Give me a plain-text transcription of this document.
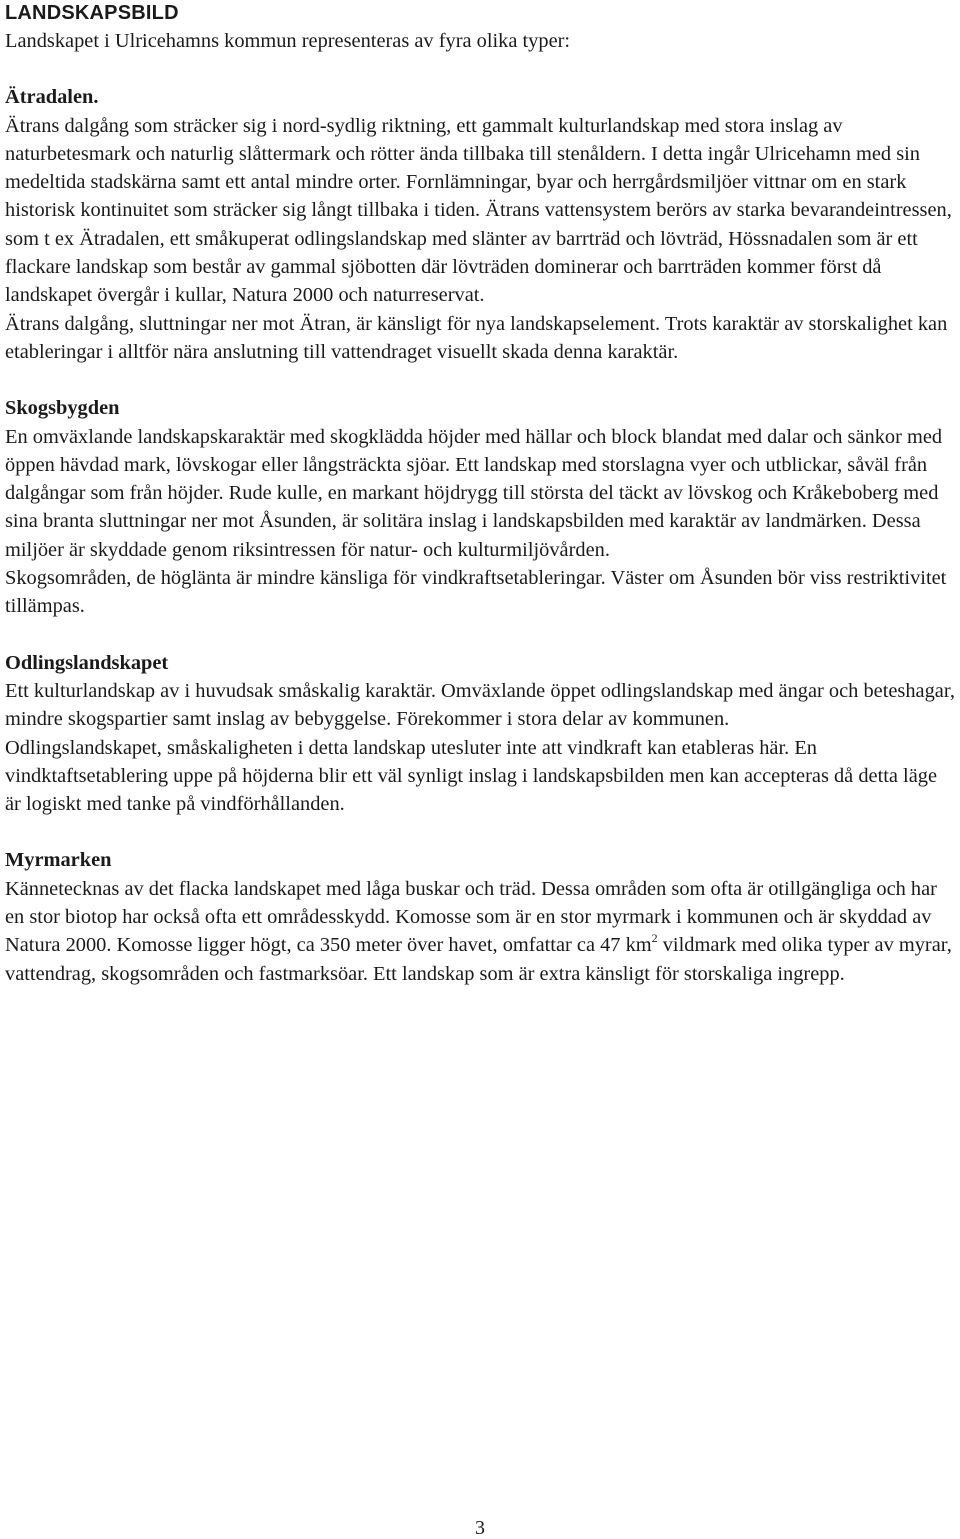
LANDSKAPSBILD

Landskapet i Ulricehamns kommun representeras av fyra olika typer:

Ätradalen.
Ätrans dalgång som sträcker sig i nord-sydlig riktning, ett gammalt kulturlandskap med stora inslag av naturbetesmark och naturlig slåttermark och rötter ända tillbaka till stenåldern. I detta ingår Ulricehamn med sin medeltida stadskärna samt ett antal mindre orter. Fornlämningar, byar och herrgårdsmiljöer vittnar om en stark historisk kontinuitet som sträcker sig långt tillbaka i tiden. Ätrans vattensystem berörs av starka bevarandeintressen, som t ex Ätradalen, ett småkuperat odlingslandskap med slänter av barrträd och lövträd, Hössnadalen som är ett flackare landskap som består av gammal sjöbotten där lövträden dominerar och barrträden kommer först då landskapet övergår i kullar, Natura 2000 och naturreservat.
Ätrans dalgång, sluttningar ner mot Ätran, är känsligt för nya landskapselement. Trots karaktär av storskalighet kan etableringar i alltför nära anslutning till vattendraget visuellt skada denna karaktär.
Skogsbygden
En omväxlande landskapskaraktär med skogklädda höjder med hällar och block blandat med dalar och sänkor med öppen hävdad mark, lövskogar eller långsträckta sjöar. Ett landskap med storslagna vyer och utblickar, såväl från dalgångar som från höjder. Rude kulle, en markant höjdrygg till största del täckt av lövskog och Kråkeboberg med sina branta sluttningar ner mot Åsunden, är solitära inslag i landskapsbilden med karaktär av landmärken. Dessa miljöer är skyddade genom riksintressen för natur- och kulturmiljövården.
Skogsområden, de högläntа är mindre känsliga för vindkraftsetableringar. Väster om Åsunden bör viss restriktivitet tillämpas.
Odlingslandskapet
Ett kulturlandskap av i huvudsak småskalig karaktär. Omväxlande öppet odlingslandskap med ängar och beteshagar, mindre skogspartier samt inslag av bebyggelse. Förekommer i stora delar av kommunen.
Odlingslandskapet, småskaligheten i detta landskap utesluter inte att vindkraft kan etableras här. En vindktaftsetablering uppe på höjderna blir ett väl synligt inslag i landskapsbilden men kan accepteras då detta läge är logiskt med tanke på vindförhållanden.
Myrmarken
Kännetecknas av det flacka landskapet med låga buskar och träd. Dessa områden som ofta är otillgängliga och har en stor biotop har också ofta ett områdesskydd. Komosse som är en stor myrmark i kommunen och är skyddad av Natura 2000. Komosse ligger högt, ca 350 meter över havet, omfattar ca 47 $km^2$ vildmark med olika typer av myrar, vattendrag, skogsområden och fastmarksöar. Ett landskap som är extra känsligt för storskaliga ingrepp.
3
